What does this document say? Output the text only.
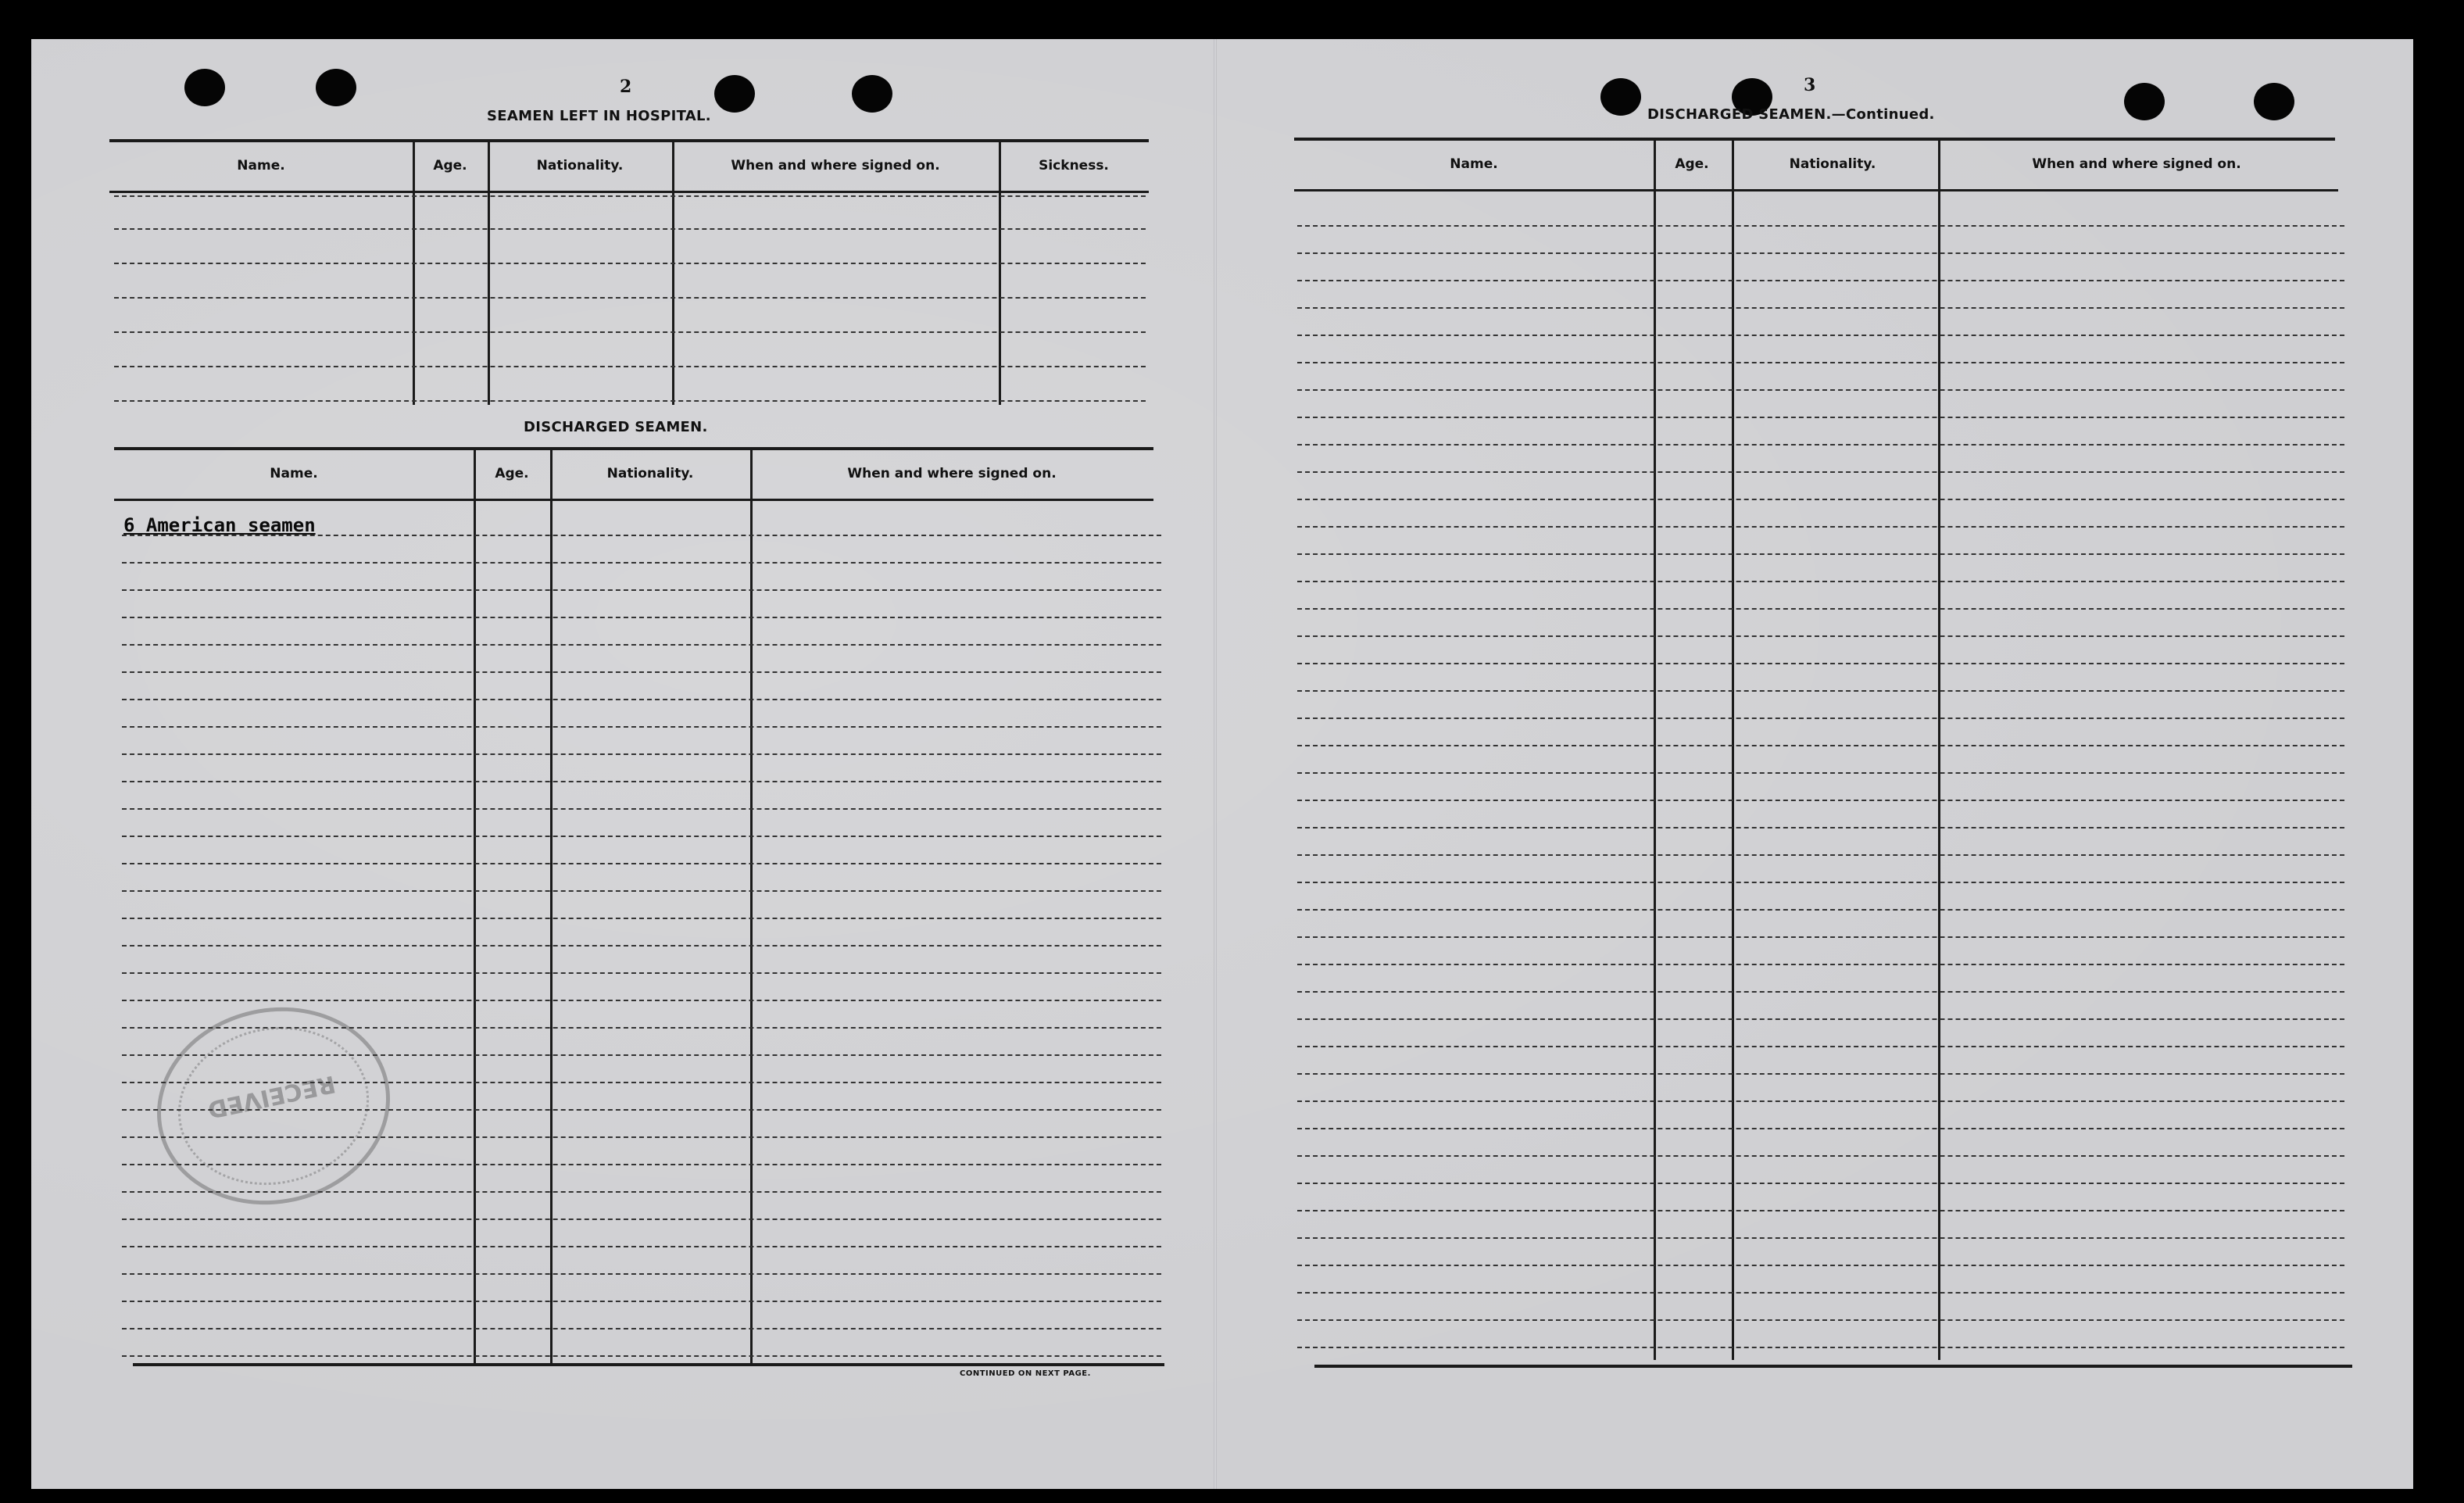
2
SEAMEN LEFT IN HOSPITAL.
DISCHARGED SEAMEN.
6 American seamen
CONTINUED ON NEXT PAGE.
RECEIVED
3
DISCHARGED SEAMEN.—Continued.
Name.	Age.	Nationality.	When and where signed on.	Sickness.
Name.	Age.	Nationality.	When and where signed on.
Name.	Age.	Nationality.	When and where signed on.
